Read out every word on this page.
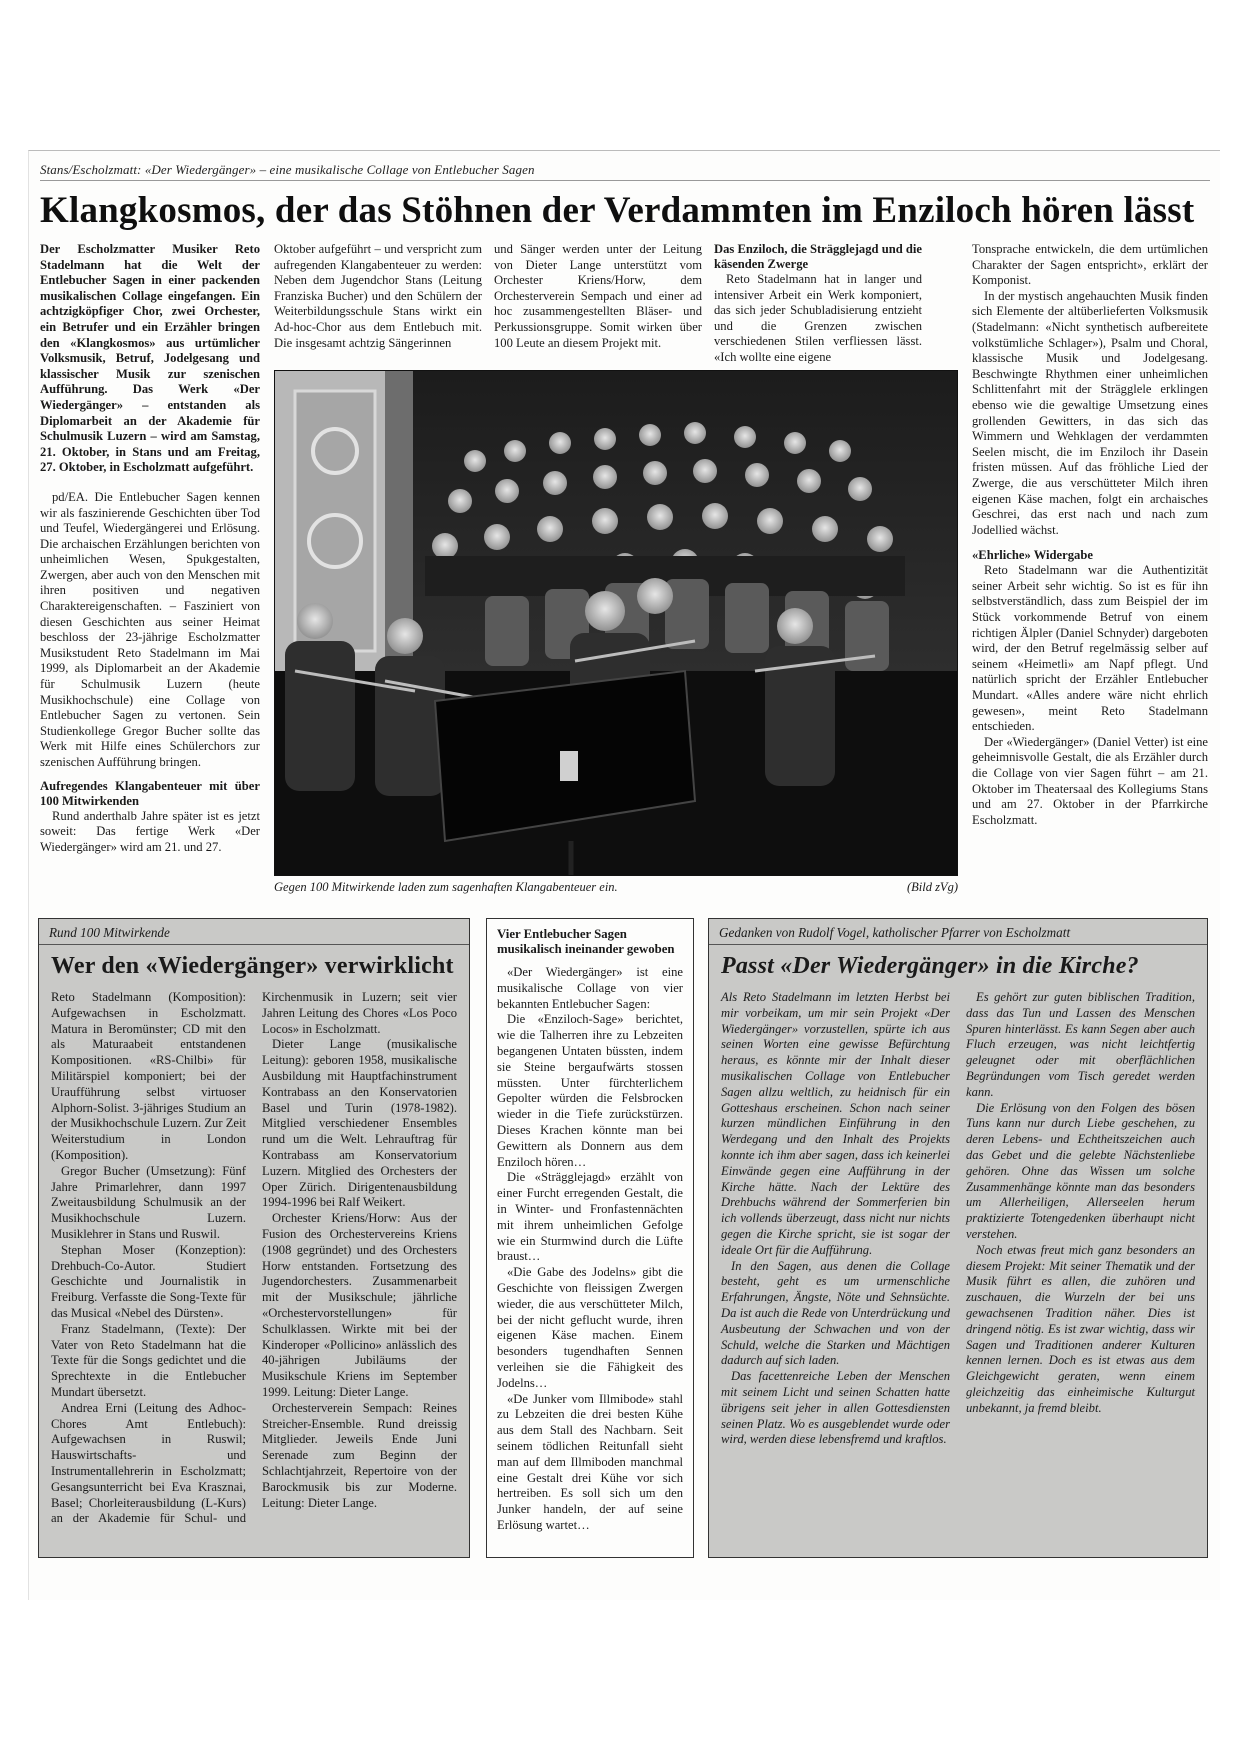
Stans/Escholzmatt: «Der Wiedergänger» – eine musikalische Collage von Entlebucher Sagen
Klangkosmos, der das Stöhnen der Verdammten im Enziloch hören lässt

Der Escholzmatter Musiker Reto Stadelmann hat die Welt der Entlebucher Sagen in einer packenden musikalischen Collage eingefangen. Ein achtzigköpfiger Chor, zwei Orchester, ein Betrufer und ein Erzähler bringen den «Klangkosmos» aus urtümlicher Volksmusik, Betruf, Jodelgesang und klassischer Musik zur szenischen Aufführung. Das Werk «Der Wiedergänger» – entstanden als Diplomarbeit an der Akademie für Schulmusik Luzern – wird am Samstag, 21. Oktober, in Stans und am Freitag, 27. Oktober, in Escholzmatt aufgeführt.

pd/EA. Die Entlebucher Sagen kennen wir als faszinierende Geschichten über Tod und Teufel, Wiedergängerei und Erlösung. Die archaischen Erzählungen berichten von unheimlichen Wesen, Spukgestalten, Zwergen, aber auch von den Menschen mit ihren positiven und negativen Charaktereigenschaften. – Fasziniert von diesen Geschichten aus seiner Heimat beschloss der 23-jährige Escholzmatter Musikstudent Reto Stadelmann im Mai 1999, als Diplomarbeit an der Akademie für Schulmusik Luzern (heute Musikhochschule) eine Collage von Entlebucher Sagen zu vertonen. Sein Studienkollege Gregor Bucher sollte das Werk mit Hilfe eines Schülerchors zur szenischen Aufführung bringen.

Aufregendes Klangabenteuer mit über 100 Mitwirkenden

Rund anderthalb Jahre später ist es jetzt soweit: Das fertige Werk «Der Wiedergänger» wird am 21. und 27.

Oktober aufgeführt – und verspricht zum aufregenden Klangabenteuer zu werden: Neben dem Jugendchor Stans (Leitung Franziska Bucher) und den Schülern der Weiterbildungsschule Stans wirkt ein Ad-hoc-Chor aus dem Entlebuch mit. Die insgesamt achtzig Sängerinnen

und Sänger werden unter der Leitung von Dieter Lange unterstützt vom Orchester Kriens/Horw, dem Orchesterverein Sempach und einer ad hoc zusammengestellten Bläser- und Perkussionsgruppe. Somit wirken über 100 Leute an diesem Projekt mit.

Das Enziloch, die Strägglejagd und die käsenden Zwerge

Reto Stadelmann hat in langer und intensiver Arbeit ein Werk komponiert, das sich jeder Schubladisierung entzieht und die Grenzen zwischen verschiedenen Stilen verfliessen lässt. «Ich wollte eine eigene

Tonsprache entwickeln, die dem urtümlichen Charakter der Sagen entspricht», erklärt der Komponist.

In der mystisch angehauchten Musik finden sich Elemente der altüberlieferten Volksmusik (Stadelmann: «Nicht synthetisch aufbereitete volkstümliche Schlager»), Psalm und Choral, klassische Musik und Jodelgesang. Beschwingte Rhythmen einer unheimlichen Schlittenfahrt mit der Strägglele erklingen ebenso wie die gewaltige Umsetzung eines grollenden Gewitters, in das sich das Wimmern und Wehklagen der verdammten Seelen mischt, die im Enziloch ihr Dasein fristen müssen. Auf das fröhliche Lied der Zwerge, die aus verschütteter Milch ihren eigenen Käse machen, folgt ein archaisches Geschrei, das erst nach und nach zum Jodellied wächst.

«Ehrliche» Widergabe

Reto Stadelmann war die Authentizität seiner Arbeit sehr wichtig. So ist es für ihn selbstverständlich, dass zum Beispiel der im Stück vorkommende Betruf von einem richtigen Älpler (Daniel Schnyder) dargeboten wird, der den Betruf regelmässig selber auf seinem «Heimetli» am Napf pflegt. Und natürlich spricht der Erzähler Entlebucher Mundart. «Alles andere wäre nicht ehrlich gewesen», meint Reto Stadelmann entschieden.

Der «Wiedergänger» (Daniel Vetter) ist eine geheimnisvolle Gestalt, die als Erzähler durch die Collage von vier Sagen führt – am 21. Oktober im Theatersaal des Kollegiums Stans und am 27. Oktober in der Pfarrkirche Escholzmatt.

Gegen 100 Mitwirkende laden zum sagenhaften Klangabenteuer ein.	(Bild zVg)
Rund 100 Mitwirkende
Wer den «Wiedergänger» verwirklicht

Reto Stadelmann (Komposition): Aufgewachsen in Escholzmatt. Matura in Beromünster; CD mit den als Maturaabeit entstandenen Kompositionen. «RS-Chilbi» für Militärspiel komponiert; bei der Uraufführung selbst virtuoser Alphorn-Solist. 3-jähriges Studium an der Musikhochschule Luzern. Zur Zeit Weiterstudium in London (Komposition).

Gregor Bucher (Umsetzung): Fünf Jahre Primarlehrer, dann 1997 Zweitausbildung Schulmusik an der Musikhochschule Luzern. Musiklehrer in Stans und Ruswil.

Stephan Moser (Konzeption): Drehbuch-Co-Autor. Studiert Geschichte und Journalistik in Freiburg. Verfasste die Song-Texte für das Musical «Nebel des Dürsten».

Franz Stadelmann, (Texte): Der Vater von Reto Stadelmann hat die Texte für die Songs gedichtet und die Sprechtexte in die Entlebucher Mundart übersetzt.

Andrea Erni (Leitung des Adhoc-Chores Amt Entlebuch): Aufgewachsen in Ruswil; Hauswirtschafts- und Instrumentallehrerin in Escholzmatt; Gesangsunterricht bei Eva Krasznai, Basel; Chorleiterausbildung (L-Kurs) an der Akademie für Schul- und Kirchenmusik in Luzern; seit vier Jahren Leitung des Chores «Los Poco Locos» in Escholzmatt.

Dieter Lange (musikalische Leitung): geboren 1958, musikalische Ausbildung mit Hauptfachinstrument Kontrabass an den Konservatorien Basel und Turin (1978-1982). Mitglied verschiedener Ensembles rund um die Welt. Lehrauftrag für Kontrabass am Konservatorium Luzern. Mitglied des Orchesters der Oper Zürich. Dirigentenausbildung 1994-1996 bei Ralf Weikert.

Orchester Kriens/Horw: Aus der Fusion des Orchestervereins Kriens (1908 gegründet) und des Orchesters Horw entstanden. Fortsetzung des Jugendorchesters. Zusammenarbeit mit der Musikschule; jährliche «Orchestervorstellungen» für Schulklassen. Wirkte mit bei der Kinderoper «Pollicino» anlässlich des 40-jährigen Jubiläums der Musikschule Kriens im September 1999. Leitung: Dieter Lange.

Orchesterverein Sempach: Reines Streicher-Ensemble. Rund dreissig Mitglieder. Jeweils Ende Juni Serenade zum Beginn der Schlachtjahrzeit, Repertoire von der Barockmusik bis zur Moderne. Leitung: Dieter Lange.

Vier Entlebucher Sagen musikalisch ineinander gewoben

«Der Wiedergänger» ist eine musikalische Collage von vier bekannten Entlebucher Sagen:

Die «Enziloch-Sage» berichtet, wie die Talherren ihre zu Lebzeiten begangenen Untaten büssten, indem sie Steine bergaufwärts stossen müssten. Unter fürchterlichem Gepolter würden die Felsbrocken wieder in die Tiefe zurückstürzen. Dieses Krachen könnte man bei Gewittern als Donnern aus dem Enziloch hören…

Die «Strägglejagd» erzählt von einer Furcht erregenden Gestalt, die in Winter- und Fronfastennächten mit ihrem unheimlichen Gefolge wie ein Sturmwind durch die Lüfte braust…

«Die Gabe des Jodelns» gibt die Geschichte von fleissigen Zwergen wieder, die aus verschütteter Milch, bei der nicht geflucht wurde, ihren eigenen Käse machen. Einem besonders tugendhaften Sennen verleihen sie die Fähigkeit des Jodelns…

«De Junker vom Illmibode» stahl zu Lebzeiten die drei besten Kühe aus dem Stall des Nachbarn. Seit seinem tödlichen Reitunfall sieht man auf dem Illmiboden manchmal eine Gestalt drei Kühe vor sich hertreiben. Es soll sich um den Junker handeln, der auf seine Erlösung wartet…

Gedanken von Rudolf Vogel, katholischer Pfarrer von Escholzmatt
Passt «Der Wiedergänger» in die Kirche?

Als Reto Stadelmann im letzten Herbst bei mir vorbeikam, um mir sein Projekt «Der Wiedergänger» vorzustellen, spürte ich aus seinen Worten eine gewisse Befürchtung heraus, es könnte mir der Inhalt dieser musikalischen Collage von Entlebucher Sagen allzu weltlich, zu heidnisch für ein Gotteshaus erscheinen. Schon nach seiner kurzen mündlichen Einführung in den Werdegang und den Inhalt des Projekts konnte ich ihm aber sagen, dass ich keinerlei Einwände gegen eine Aufführung in der Kirche hätte. Nach der Lektüre des Drehbuchs während der Sommerferien bin ich vollends überzeugt, dass nicht nur nichts gegen die Kirche spricht, sie ist sogar der ideale Ort für die Aufführung.

In den Sagen, aus denen die Collage besteht, geht es um urmenschliche Erfahrungen, Ängste, Nöte und Sehnsüchte. Da ist auch die Rede von Unterdrückung und Ausbeutung der Schwachen und von der Schuld, welche die Starken und Mächtigen dadurch auf sich laden.

Das facettenreiche Leben der Menschen mit seinem Licht und seinen Schatten hatte übrigens seit jeher in allen Gottesdiensten seinen Platz. Wo es ausgeblendet wurde oder wird, werden diese lebensfremd und kraftlos.

Es gehört zur guten biblischen Tradition, dass das Tun und Lassen des Menschen Spuren hinterlässt. Es kann Segen aber auch Fluch erzeugen, was nicht leichtfertig geleugnet oder mit oberflächlichen Begründungen vom Tisch geredet werden kann.

Die Erlösung von den Folgen des bösen Tuns kann nur durch Liebe geschehen, zu deren Lebens- und Echtheitszeichen auch das Gebet und die gelebte Nächstenliebe gehören. Ohne das Wissen um solche Zusammenhänge könnte man das besonders um Allerheiligen, Allerseelen herum praktizierte Totengedenken überhaupt nicht verstehen.

Noch etwas freut mich ganz besonders an diesem Projekt: Mit seiner Thematik und der Musik führt es allen, die zuhören und zuschauen, die Wurzeln der bei uns gewachsenen Tradition näher. Dies ist dringend nötig. Es ist zwar wichtig, dass wir Sagen und Traditionen anderer Kulturen kennen lernen. Doch es ist etwas aus dem Gleichgewicht geraten, wenn einem gleichzeitig das einheimische Kulturgut unbekannt, ja fremd bleibt.
